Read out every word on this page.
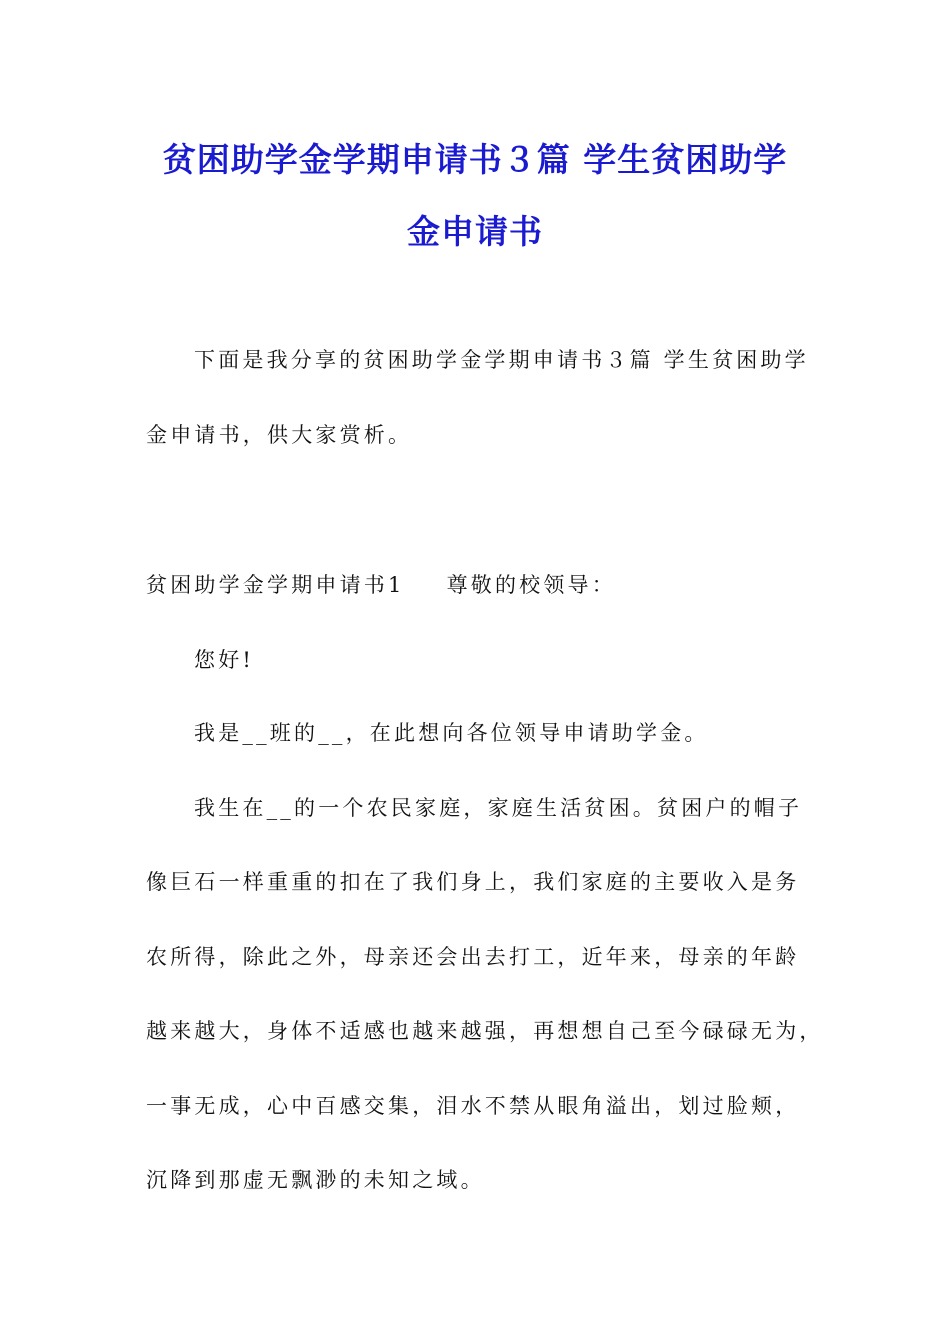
贫困助学金学期申请书３篇 学生贫困助学
金申请书
下面是我分享的贫困助学金学期申请书３篇 学生贫困助学
金申请书，供大家赏析。
贫困助学金学期申请书1 尊敬的校领导：
您好!
我是__班的__，在此想向各位领导申请助学金。
我生在__的一个农民家庭，家庭生活贫困。贫困户的帽子
像巨石一样重重的扣在了我们身上，我们家庭的主要收入是务
农所得，除此之外，母亲还会出去打工，近年来，母亲的年龄
越来越大，身体不适感也越来越强，再想想自己至今碌碌无为，
一事无成，心中百感交集，泪水不禁从眼角溢出，划过脸颊，
沉降到那虚无飘渺的未知之域。
